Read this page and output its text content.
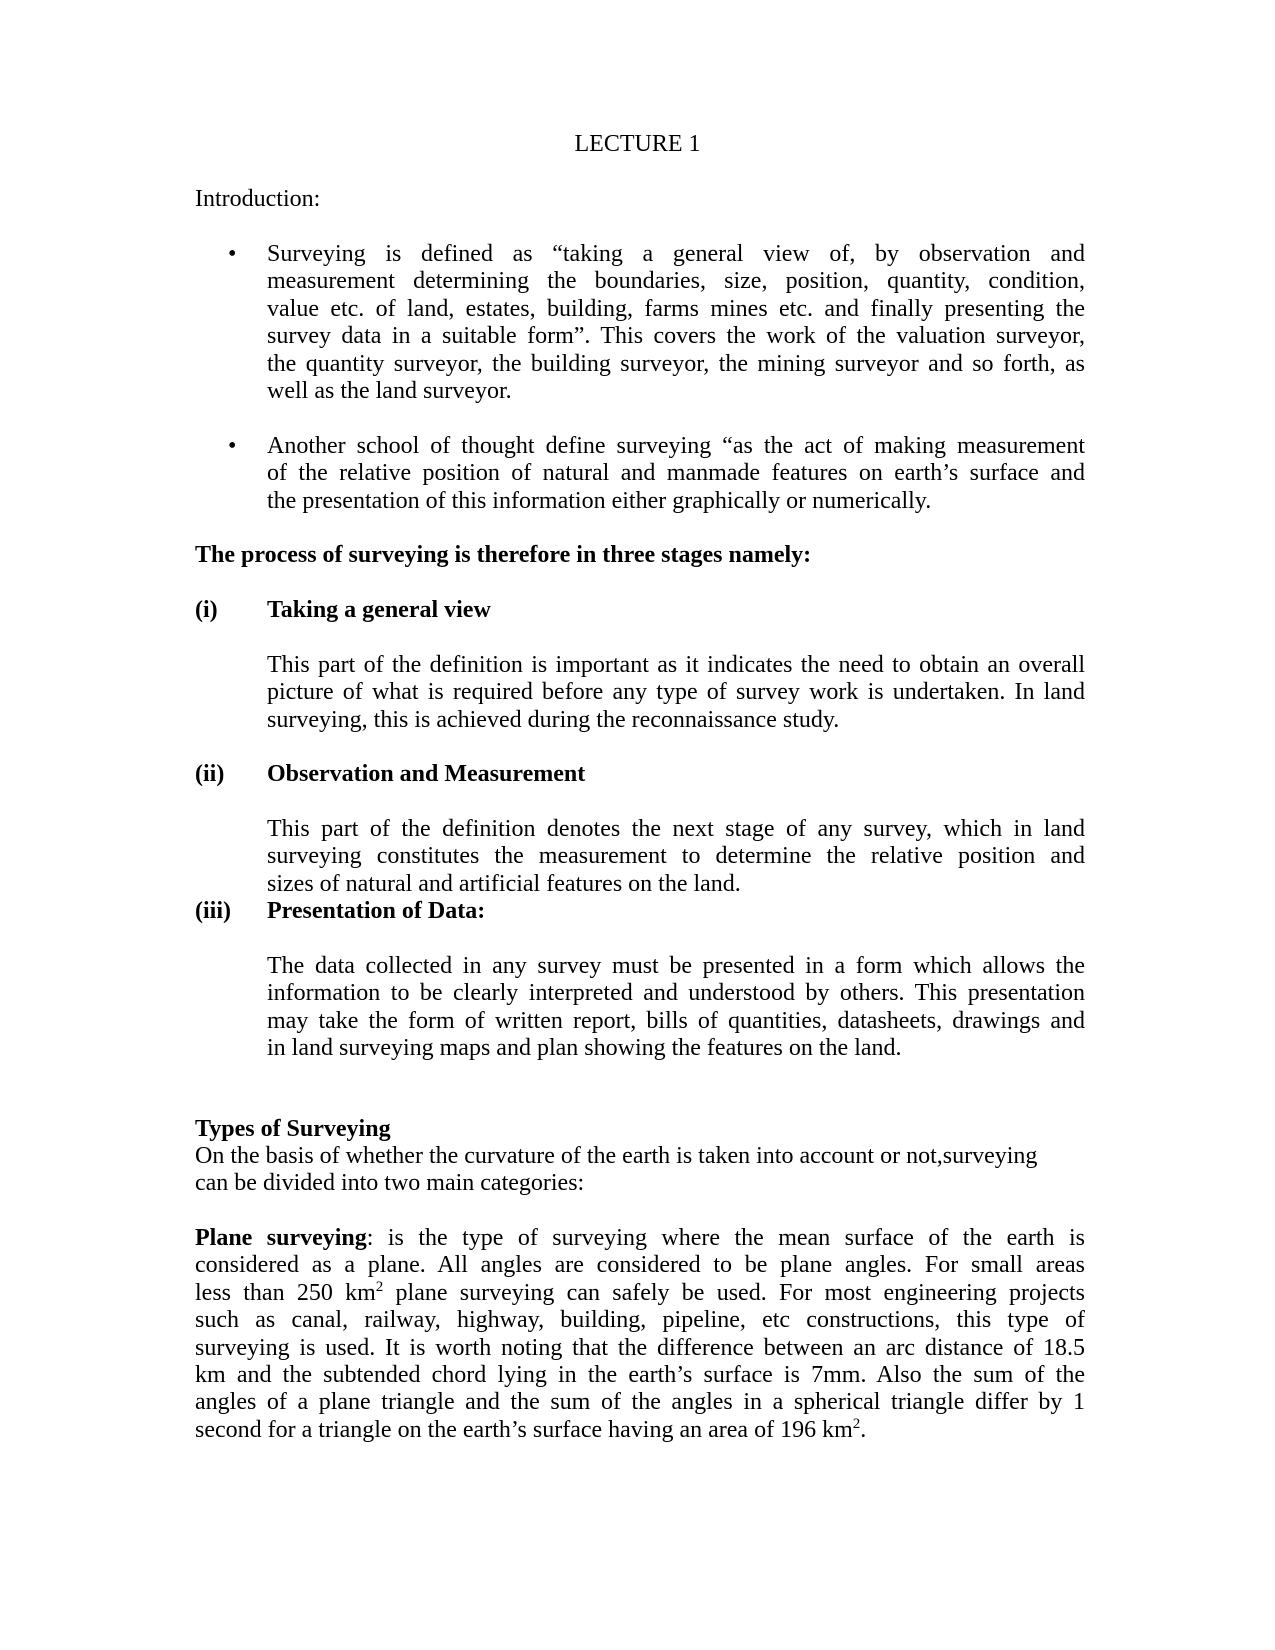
LECTURE 1
Introduction:
• Surveying is defined as “taking a general view of, by observation and
measurement determining the boundaries, size, position, quantity, condition,
value etc. of land, estates, building, farms mines etc. and finally presenting the
survey data in a suitable form”. This covers the work of the valuation surveyor,
the quantity surveyor, the building surveyor, the mining surveyor and so forth, as
well as the land surveyor.
• Another school of thought define surveying “as the act of making measurement
of the relative position of natural and manmade features on earth’s surface and
the presentation of this information either graphically or numerically.
The process of surveying is therefore in three stages namely:
(i) Taking a general view
This part of the definition is important as it indicates the need to obtain an overall
picture of what is required before any type of survey work is undertaken. In land
surveying, this is achieved during the reconnaissance study.
(ii) Observation and Measurement
This part of the definition denotes the next stage of any survey, which in land
surveying constitutes the measurement to determine the relative position and
sizes of natural and artificial features on the land.
(iii) Presentation of Data:
The data collected in any survey must be presented in a form which allows the
information to be clearly interpreted and understood by others. This presentation
may take the form of written report, bills of quantities, datasheets, drawings and
in land surveying maps and plan showing the features on the land.
Types of Surveying
On the basis of whether the curvature of the earth is taken into account or not,surveying
can be divided into two main categories:
Plane surveying: is the type of surveying where the mean surface of the earth is
considered as a plane. All angles are considered to be plane angles. For small areas
less than 250 $km^2$ plane surveying can safely be used. For most engineering projects
such as canal, railway, highway, building, pipeline, etc constructions, this type of
surveying is used. It is worth noting that the difference between an arc distance of 18.5
km and the subtended chord lying in the earth’s surface is 7mm. Also the sum of the
angles of a plane triangle and the sum of the angles in a spherical triangle differ by 1
second for a triangle on the earth’s surface having an area of 196 $km^2$.
